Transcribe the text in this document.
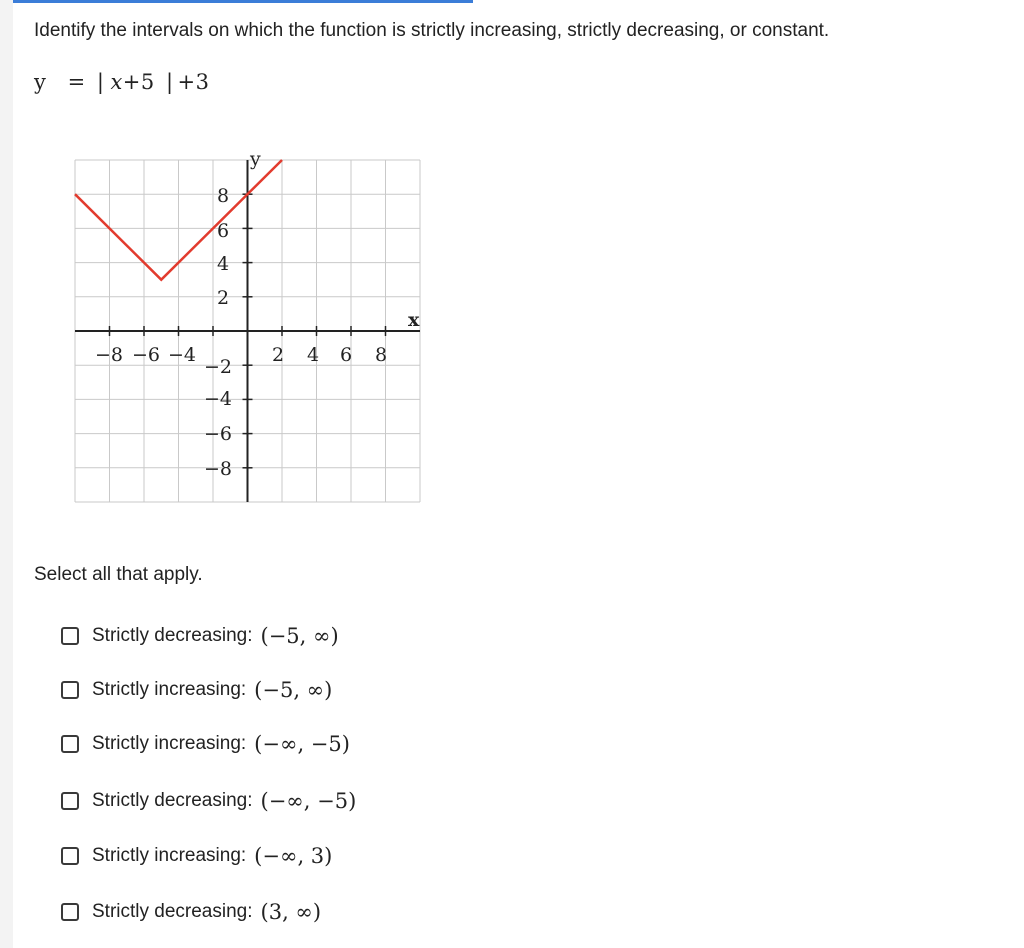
Identify the intervals on which the function is strictly increasing, strictly decreasing, or constant.
y = | x+5 | +3
−8 −6 −4	2 4 6 8
8
6
4
2
−2
−4
−6
−8
y
x
Select all that apply.
Strictly decreasing: (−5, ∞)
Strictly increasing: (−5, ∞)
Strictly increasing: (−∞, −5)
Strictly decreasing: (−∞, −5)
Strictly increasing: (−∞, 3)
Strictly decreasing: (3, ∞)
